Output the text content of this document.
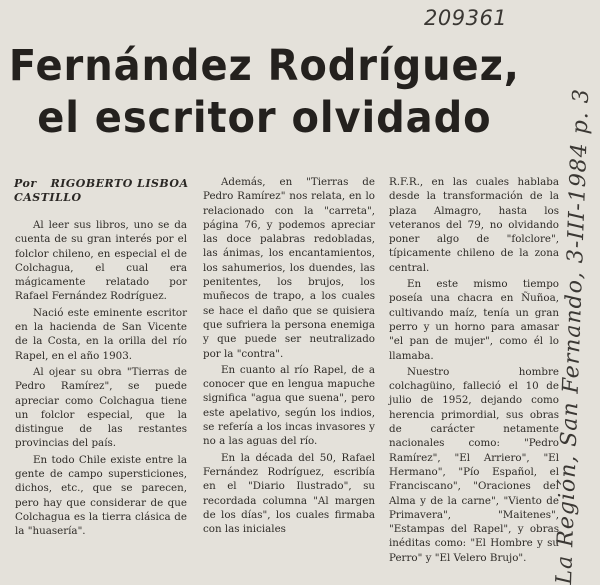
209361
Fernández Rodríguez, el escritor olvidado
Por RIGOBERTO LISBOA CASTILLO

Al leer sus libros, uno se da cuenta de su gran interés por el folclor chileno, en especial el de Colchagua, el cual era mágicamente relatado por Rafael Fernández Rodríguez.

Nació este eminente escritor en la hacienda de San Vicente de la Costa, en la orilla del río Rapel, en el año 1903.

Al ojear su obra "Tierras de Pedro Ramírez", se puede apreciar como Colchagua tiene un folclor especial, que la distingue de las restantes provincias del país.

En todo Chile existe entre la gente de campo supersticiones, dichos, etc., que se parecen, pero hay que considerar de que Colchagua es la tierra clásica de la "huasería".

Además, en "Tierras de Pedro Ramírez" nos relata, en lo relacionado con la "carreta", página 76, y podemos apreciar las doce palabras redobladas, las ánimas, los encantamientos, los sahumerios, los duendes, las penitentes, los brujos, los muñecos de trapo, a los cuales se hace el daño que se quisiera que sufriera la persona enemiga y que puede ser neutralizado por la "contra".

En cuanto al río Rapel, de a conocer que en lengua mapuche significa "agua que suena", pero este apelativo, según los indios, se refería a los incas invasores y no a las aguas del río.

En la década del 50, Rafael Fernández Rodríguez, escribía en el "Diario Ilustrado", su recordada columna "Al margen de los días", los cuales firmaba con las iniciales

R.F.R., en las cuales hablaba desde la transformación de la plaza Almagro, hasta los veteranos del 79, no olvidando poner algo de "folclore", típicamente chileno de la zona central.

En este mismo tiempo poseía una chacra en Ñuñoa, cultivando maíz, tenía un gran perro y un horno para amasar "el pan de mujer", como él lo llamaba.

Nuestro hombre colchagüino, falleció el 10 de julio de 1952, dejando como herencia primordial, sus obras de carácter netamente nacionales como: "Pedro Ramírez", "El Arriero", "El Hermano", "Pío Español, el Franciscano", "Oraciones del Alma y de la carne", "Viento de Primavera", "Maitenes", "Estampas del Rapel", y obras inéditas como: "El Hombre y su Perro" y "El Velero Brujo".	La Región, San Fernando, 3-III-1984 p. 3
